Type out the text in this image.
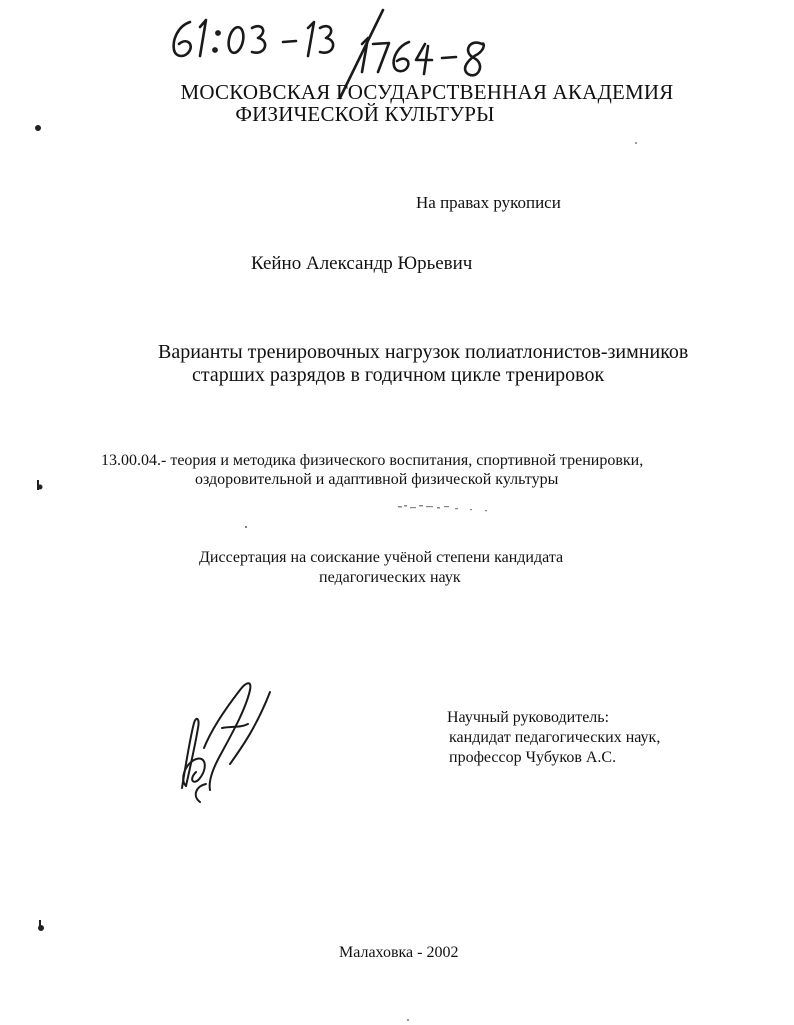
МОСКОВСКАЯ ГОСУДАРСТВЕННАЯ АКАДЕМИЯ
ФИЗИЧЕСКОЙ КУЛЬТУРЫ
На правах рукописи
Кейно Александр Юрьевич
Варианты тренировочных нагрузок полиатлонистов-зимников
старших разрядов в годичном цикле тренировок
13.00.04.- теория и методика физического воспитания, спортивной тренировки,
оздоровительной и адаптивной физической культуры
Диссертация на соискание учёной степени кандидата
педагогических наук
Научный руководитель:
кандидат педагогических наук,
профессор Чубуков А.С.
Малаховка - 2002
